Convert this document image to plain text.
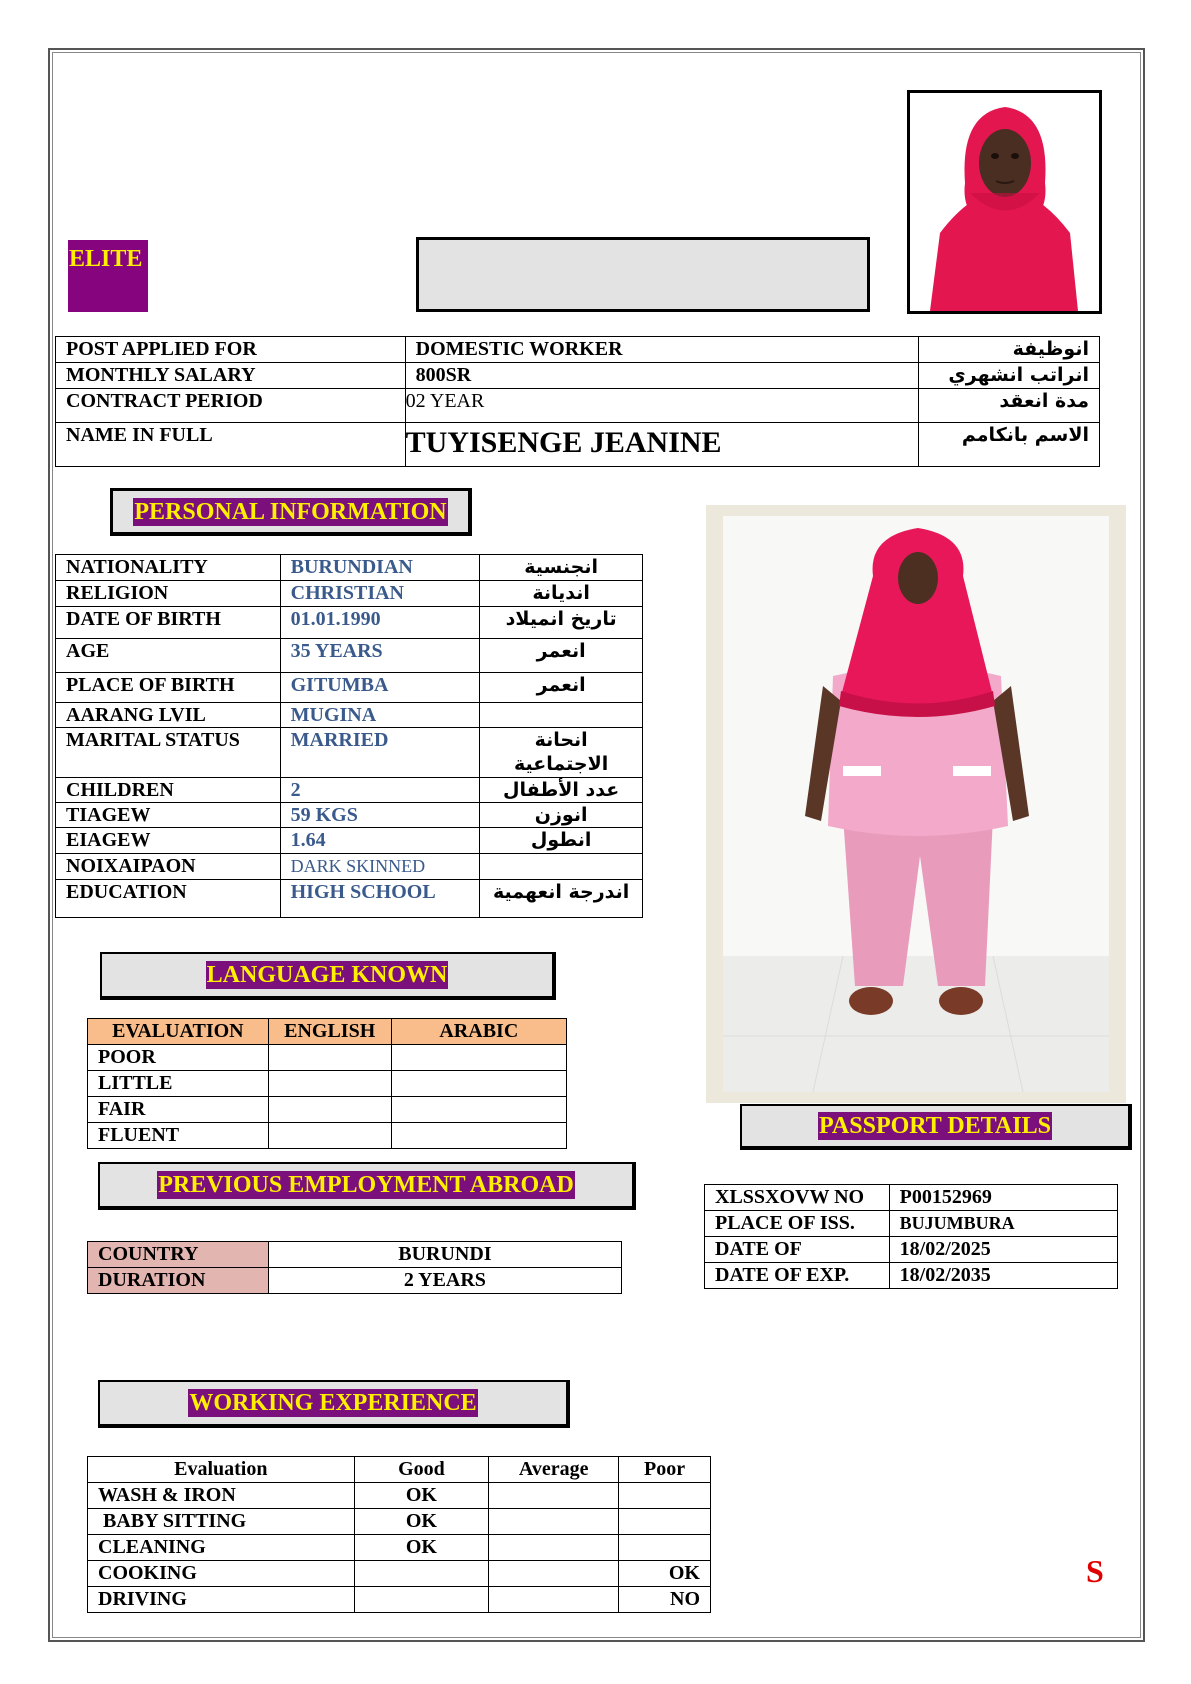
ELITE
POST APPLIED FOR	DOMESTIC WORKER	انوظيفة
MONTHLY SALARY	800SR	انراتب انشهري
CONTRACT PERIOD	02 YEAR	مدة انعقد
NAME IN FULL	TUYISENGE JEANINE	الاسم بانكامم
PERSONAL INFORMATION
NATIONALITY	BURUNDIAN	انجنسية
RELIGION	CHRISTIAN	انديانة
DATE OF BIRTH	01.01.1990	تاريخ انميلاد
AGE	35 YEARS	انعمر
PLACE OF BIRTH	GITUMBA	انعمر
AARANG LVIL	MUGINA	
MARITAL STATUS	MARRIED	انحانة الاجتماعية
CHILDREN	2	عدد الأطفال
TIAGEW	59 KGS	انوزن
EIAGEW	1.64	انطول
NOIXAIPAON	DARK SKINNED	
EDUCATION	HIGH SCHOOL	اندرجة انعهمية
LANGUAGE KNOWN
EVALUATION	ENGLISH	ARABIC
POOR		
LITTLE		
FAIR		
FLUENT		
PREVIOUS EMPLOYMENT ABROAD
COUNTRY	BURUNDI
DURATION	2 YEARS
PASSPORT DETAILS
XLSSXOVW NO	P00152969
PLACE OF ISS.	BUJUMBURA
DATE OF	18/02/2025
DATE OF EXP.	18/02/2035
WORKING EXPERIENCE
Evaluation	Good	Average	Poor
WASH & IRON	OK		
BABY SITTING	OK		
CLEANING	OK		
COOKING			OK
DRIVING			NO
S
